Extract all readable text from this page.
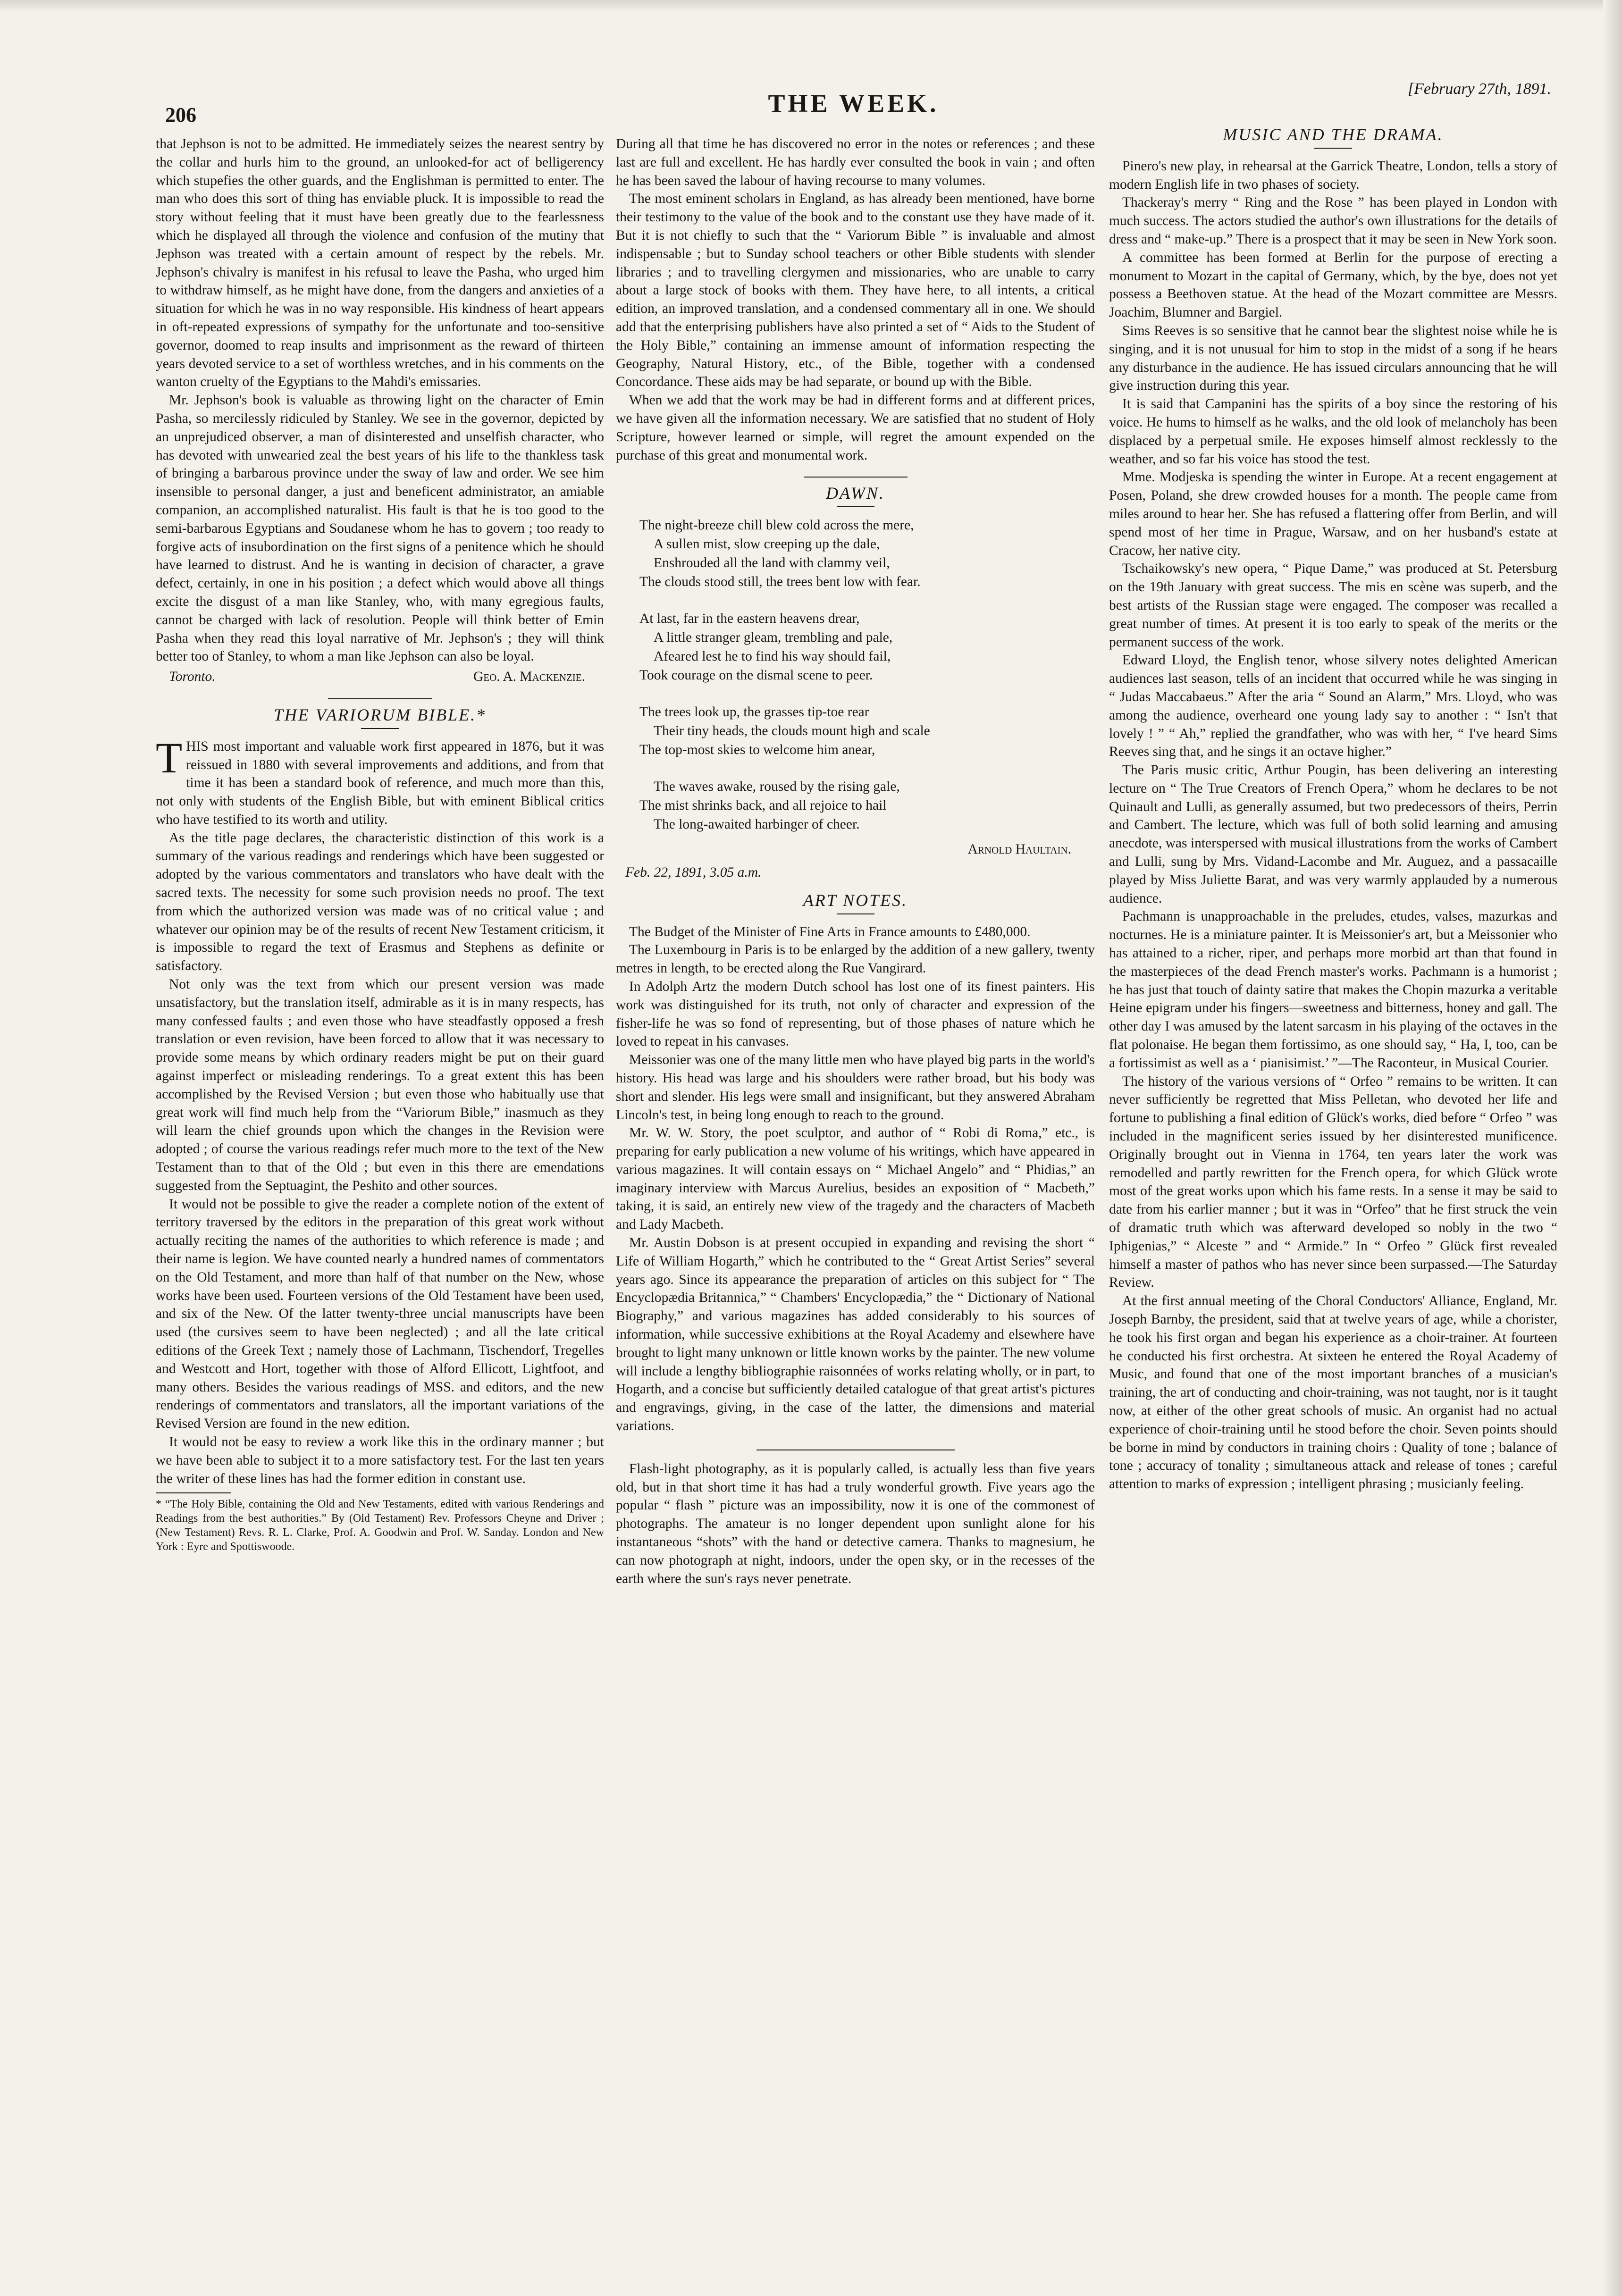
206	THE WEEK.
[February 27th, 1891.

that Jephson is not to be admitted. He immediately seizes the nearest sentry by the collar and hurls him to the ground, an unlooked-for act of belligerency which stupefies the other guards, and the Englishman is permitted to enter. The man who does this sort of thing has enviable pluck. It is impossible to read the story without feeling that it must have been greatly due to the fearlessness which he displayed all through the violence and confusion of the mutiny that Jephson was treated with a certain amount of respect by the rebels. Mr. Jephson's chivalry is manifest in his refusal to leave the Pasha, who urged him to withdraw himself, as he might have done, from the dangers and anxieties of a situation for which he was in no way responsible. His kindness of heart appears in oft-repeated expressions of sympathy for the unfortunate and too-sensitive governor, doomed to reap insults and imprisonment as the reward of thirteen years devoted service to a set of worthless wretches, and in his comments on the wanton cruelty of the Egyptians to the Mahdi's emissaries.

Mr. Jephson's book is valuable as throwing light on the character of Emin Pasha, so mercilessly ridiculed by Stanley. We see in the governor, depicted by an unprejudiced observer, a man of disinterested and unselfish character, who has devoted with unwearied zeal the best years of his life to the thankless task of bringing a barbarous province under the sway of law and order. We see him insensible to personal danger, a just and beneficent administrator, an amiable companion, an accomplished naturalist. His fault is that he is too good to the semi-barbarous Egyptians and Soudanese whom he has to govern ; too ready to forgive acts of insubordination on the first signs of a penitence which he should have learned to distrust. And he is wanting in decision of character, a grave defect, certainly, in one in his position ; a defect which would above all things excite the disgust of a man like Stanley, who, with many egregious faults, cannot be charged with lack of resolution. People will think better of Emin Pasha when they read this loyal narrative of Mr. Jephson's ; they will think better too of Stanley, to whom a man like Jephson can also be loyal.

Toronto.	Geo. A. Mackenzie.
THE VARIORUM BIBLE.*

THIS most important and valuable work first appeared in 1876, but it was reissued in 1880 with several improvements and additions, and from that time it has been a standard book of reference, and much more than this, not only with students of the English Bible, but with eminent Biblical critics who have testified to its worth and utility.

As the title page declares, the characteristic distinction of this work is a summary of the various readings and renderings which have been suggested or adopted by the various commentators and translators who have dealt with the sacred texts. The necessity for some such provision needs no proof. The text from which the authorized version was made was of no critical value ; and whatever our opinion may be of the results of recent New Testament criticism, it is impossible to regard the text of Erasmus and Stephens as definite or satisfactory.

Not only was the text from which our present version was made unsatisfactory, but the translation itself, admirable as it is in many respects, has many confessed faults ; and even those who have steadfastly opposed a fresh translation or even revision, have been forced to allow that it was necessary to provide some means by which ordinary readers might be put on their guard against imperfect or misleading renderings. To a great extent this has been accomplished by the Revised Version ; but even those who habitually use that great work will find much help from the “Variorum Bible,” inasmuch as they will learn the chief grounds upon which the changes in the Revision were adopted ; of course the various readings refer much more to the text of the New Testament than to that of the Old ; but even in this there are emendations suggested from the Septuagint, the Peshito and other sources.

It would not be possible to give the reader a complete notion of the extent of territory traversed by the editors in the preparation of this great work without actually reciting the names of the authorities to which reference is made ; and their name is legion. We have counted nearly a hundred names of commentators on the Old Testament, and more than half of that number on the New, whose works have been used. Fourteen versions of the Old Testament have been used, and six of the New. Of the latter twenty-three uncial manuscripts have been used (the cursives seem to have been neglected) ; and all the late critical editions of the Greek Text ; namely those of Lachmann, Tischendorf, Tregelles and Westcott and Hort, together with those of Alford Ellicott, Lightfoot, and many others. Besides the various readings of MSS. and editors, and the new renderings of commentators and translators, all the important variations of the Revised Version are found in the new edition.

It would not be easy to review a work like this in the ordinary manner ; but we have been able to subject it to a more satisfactory test. For the last ten years the writer of these lines has had the former edition in constant use.

* “The Holy Bible, containing the Old and New Testaments, edited with various Renderings and Readings from the best authorities.” By (Old Testament) Rev. Professors Cheyne and Driver ; (New Testament) Revs. R. L. Clarke, Prof. A. Goodwin and Prof. W. Sanday. London and New York : Eyre and Spottiswoode.

During all that time he has discovered no error in the notes or references ; and these last are full and excellent. He has hardly ever consulted the book in vain ; and often he has been saved the labour of having recourse to many volumes.

The most eminent scholars in England, as has already been mentioned, have borne their testimony to the value of the book and to the constant use they have made of it. But it is not chiefly to such that the “ Variorum Bible ” is invaluable and almost indispensable ; but to Sunday school teachers or other Bible students with slender libraries ; and to travelling clergymen and missionaries, who are unable to carry about a large stock of books with them. They have here, to all intents, a critical edition, an improved translation, and a condensed commentary all in one. We should add that the enterprising publishers have also printed a set of “ Aids to the Student of the Holy Bible,” containing an immense amount of information respecting the Geography, Natural History, etc., of the Bible, together with a condensed Concordance. These aids may be had separate, or bound up with the Bible.

When we add that the work may be had in different forms and at different prices, we have given all the information necessary. We are satisfied that no student of Holy Scripture, however learned or simple, will regret the amount expended on the purchase of this great and monumental work.

DAWN.
The night-breeze chill blew cold across the mere,
A sullen mist, slow creeping up the dale,
Enshrouded all the land with clammy veil,
The clouds stood still, the trees bent low with fear.
At last, far in the eastern heavens drear,
A little stranger gleam, trembling and pale,
Afeared lest he to find his way should fail,
Took courage on the dismal scene to peer.
The trees look up, the grasses tip-toe rear
Their tiny heads, the clouds mount high and scale
The top-most skies to welcome him anear,
The waves awake, roused by the rising gale,
The mist shrinks back, and all rejoice to hail
The long-awaited harbinger of cheer.
Arnold Haultain.
Feb. 22, 1891, 3.05 a.m.
ART NOTES.

The Budget of the Minister of Fine Arts in France amounts to £480,000.

The Luxembourg in Paris is to be enlarged by the addition of a new gallery, twenty metres in length, to be erected along the Rue Vangirard.

In Adolph Artz the modern Dutch school has lost one of its finest painters. His work was distinguished for its truth, not only of character and expression of the fisher-life he was so fond of representing, but of those phases of nature which he loved to repeat in his canvases.

Meissonier was one of the many little men who have played big parts in the world's history. His head was large and his shoulders were rather broad, but his body was short and slender. His legs were small and insignificant, but they answered Abraham Lincoln's test, in being long enough to reach to the ground.

Mr. W. W. Story, the poet sculptor, and author of “ Robi di Roma,” etc., is preparing for early publication a new volume of his writings, which have appeared in various magazines. It will contain essays on “ Michael Angelo” and “ Phidias,” an imaginary interview with Marcus Aurelius, besides an exposition of “ Macbeth,” taking, it is said, an entirely new view of the tragedy and the characters of Macbeth and Lady Macbeth.

Mr. Austin Dobson is at present occupied in expanding and revising the short “ Life of William Hogarth,” which he contributed to the “ Great Artist Series” several years ago. Since its appearance the preparation of articles on this subject for “ The Encyclopædia Britannica,” “ Chambers' Encyclopædia,” the “ Dictionary of National Biography,” and various magazines has added considerably to his sources of information, while successive exhibitions at the Royal Academy and elsewhere have brought to light many unknown or little known works by the painter. The new volume will include a lengthy bibliographie raisonnées of works relating wholly, or in part, to Hogarth, and a concise but sufficiently detailed catalogue of that great artist's pictures and engravings, giving, in the case of the latter, the dimensions and material variations.

Flash-light photography, as it is popularly called, is actually less than five years old, but in that short time it has had a truly wonderful growth. Five years ago the popular “ flash ” picture was an impossibility, now it is one of the commonest of photographs. The amateur is no longer dependent upon sunlight alone for his instantaneous “shots” with the hand or detective camera. Thanks to magnesium, he can now photograph at night, indoors, under the open sky, or in the recesses of the earth where the sun's rays never penetrate.

MUSIC AND THE DRAMA.

Pinero's new play, in rehearsal at the Garrick Theatre, London, tells a story of modern English life in two phases of society.

Thackeray's merry “ Ring and the Rose ” has been played in London with much success. The actors studied the author's own illustrations for the details of dress and “ make-up.” There is a prospect that it may be seen in New York soon.

A committee has been formed at Berlin for the purpose of erecting a monument to Mozart in the capital of Germany, which, by the bye, does not yet possess a Beethoven statue. At the head of the Mozart committee are Messrs. Joachim, Blumner and Bargiel.

Sims Reeves is so sensitive that he cannot bear the slightest noise while he is singing, and it is not unusual for him to stop in the midst of a song if he hears any disturbance in the audience. He has issued circulars announcing that he will give instruction during this year.

It is said that Campanini has the spirits of a boy since the restoring of his voice. He hums to himself as he walks, and the old look of melancholy has been displaced by a perpetual smile. He exposes himself almost recklessly to the weather, and so far his voice has stood the test.

Mme. Modjeska is spending the winter in Europe. At a recent engagement at Posen, Poland, she drew crowded houses for a month. The people came from miles around to hear her. She has refused a flattering offer from Berlin, and will spend most of her time in Prague, Warsaw, and on her husband's estate at Cracow, her native city.

Tschaikowsky's new opera, “ Pique Dame,” was produced at St. Petersburg on the 19th January with great success. The mis en scène was superb, and the best artists of the Russian stage were engaged. The composer was recalled a great number of times. At present it is too early to speak of the merits or the permanent success of the work.

Edward Lloyd, the English tenor, whose silvery notes delighted American audiences last season, tells of an incident that occurred while he was singing in “ Judas Maccabaeus.” After the aria “ Sound an Alarm,” Mrs. Lloyd, who was among the audience, overheard one young lady say to another : “ Isn't that lovely ! ” “ Ah,” replied the grandfather, who was with her, “ I've heard Sims Reeves sing that, and he sings it an octave higher.”

The Paris music critic, Arthur Pougin, has been delivering an interesting lecture on “ The True Creators of French Opera,” whom he declares to be not Quinault and Lulli, as generally assumed, but two predecessors of theirs, Perrin and Cambert. The lecture, which was full of both solid learning and amusing anecdote, was interspersed with musical illustrations from the works of Cambert and Lulli, sung by Mrs. Vidand-Lacombe and Mr. Auguez, and a passacaille played by Miss Juliette Barat, and was very warmly applauded by a numerous audience.

Pachmann is unapproachable in the preludes, etudes, valses, mazurkas and nocturnes. He is a miniature painter. It is Meissonier's art, but a Meissonier who has attained to a richer, riper, and perhaps more morbid art than that found in the masterpieces of the dead French master's works. Pachmann is a humorist ; he has just that touch of dainty satire that makes the Chopin mazurka a veritable Heine epigram under his fingers—sweetness and bitterness, honey and gall. The other day I was amused by the latent sarcasm in his playing of the octaves in the flat polonaise. He began them fortissimo, as one should say, “ Ha, I, too, can be a fortissimist as well as a ‘ pianisimist.’ ”—The Raconteur, in Musical Courier.

The history of the various versions of “ Orfeo ” remains to be written. It can never sufficiently be regretted that Miss Pelletan, who devoted her life and fortune to publishing a final edition of Glück's works, died before “ Orfeo ” was included in the magnificent series issued by her disinterested munificence. Originally brought out in Vienna in 1764, ten years later the work was remodelled and partly rewritten for the French opera, for which Glück wrote most of the great works upon which his fame rests. In a sense it may be said to date from his earlier manner ; but it was in “Orfeo” that he first struck the vein of dramatic truth which was afterward developed so nobly in the two “ Iphigenias,” “ Alceste ” and “ Armide.” In “ Orfeo ” Glück first revealed himself a master of pathos who has never since been surpassed.—The Saturday Review.

At the first annual meeting of the Choral Conductors' Alliance, England, Mr. Joseph Barnby, the president, said that at twelve years of age, while a chorister, he took his first organ and began his experience as a choir-trainer. At fourteen he conducted his first orchestra. At sixteen he entered the Royal Academy of Music, and found that one of the most important branches of a musician's training, the art of conducting and choir-training, was not taught, nor is it taught now, at either of the other great schools of music. An organist had no actual experience of choir-training until he stood before the choir. Seven points should be borne in mind by conductors in training choirs : Quality of tone ; balance of tone ; accuracy of tonality ; simultaneous attack and release of tones ; careful attention to marks of expression ; intelligent phrasing ; musicianly feeling.
